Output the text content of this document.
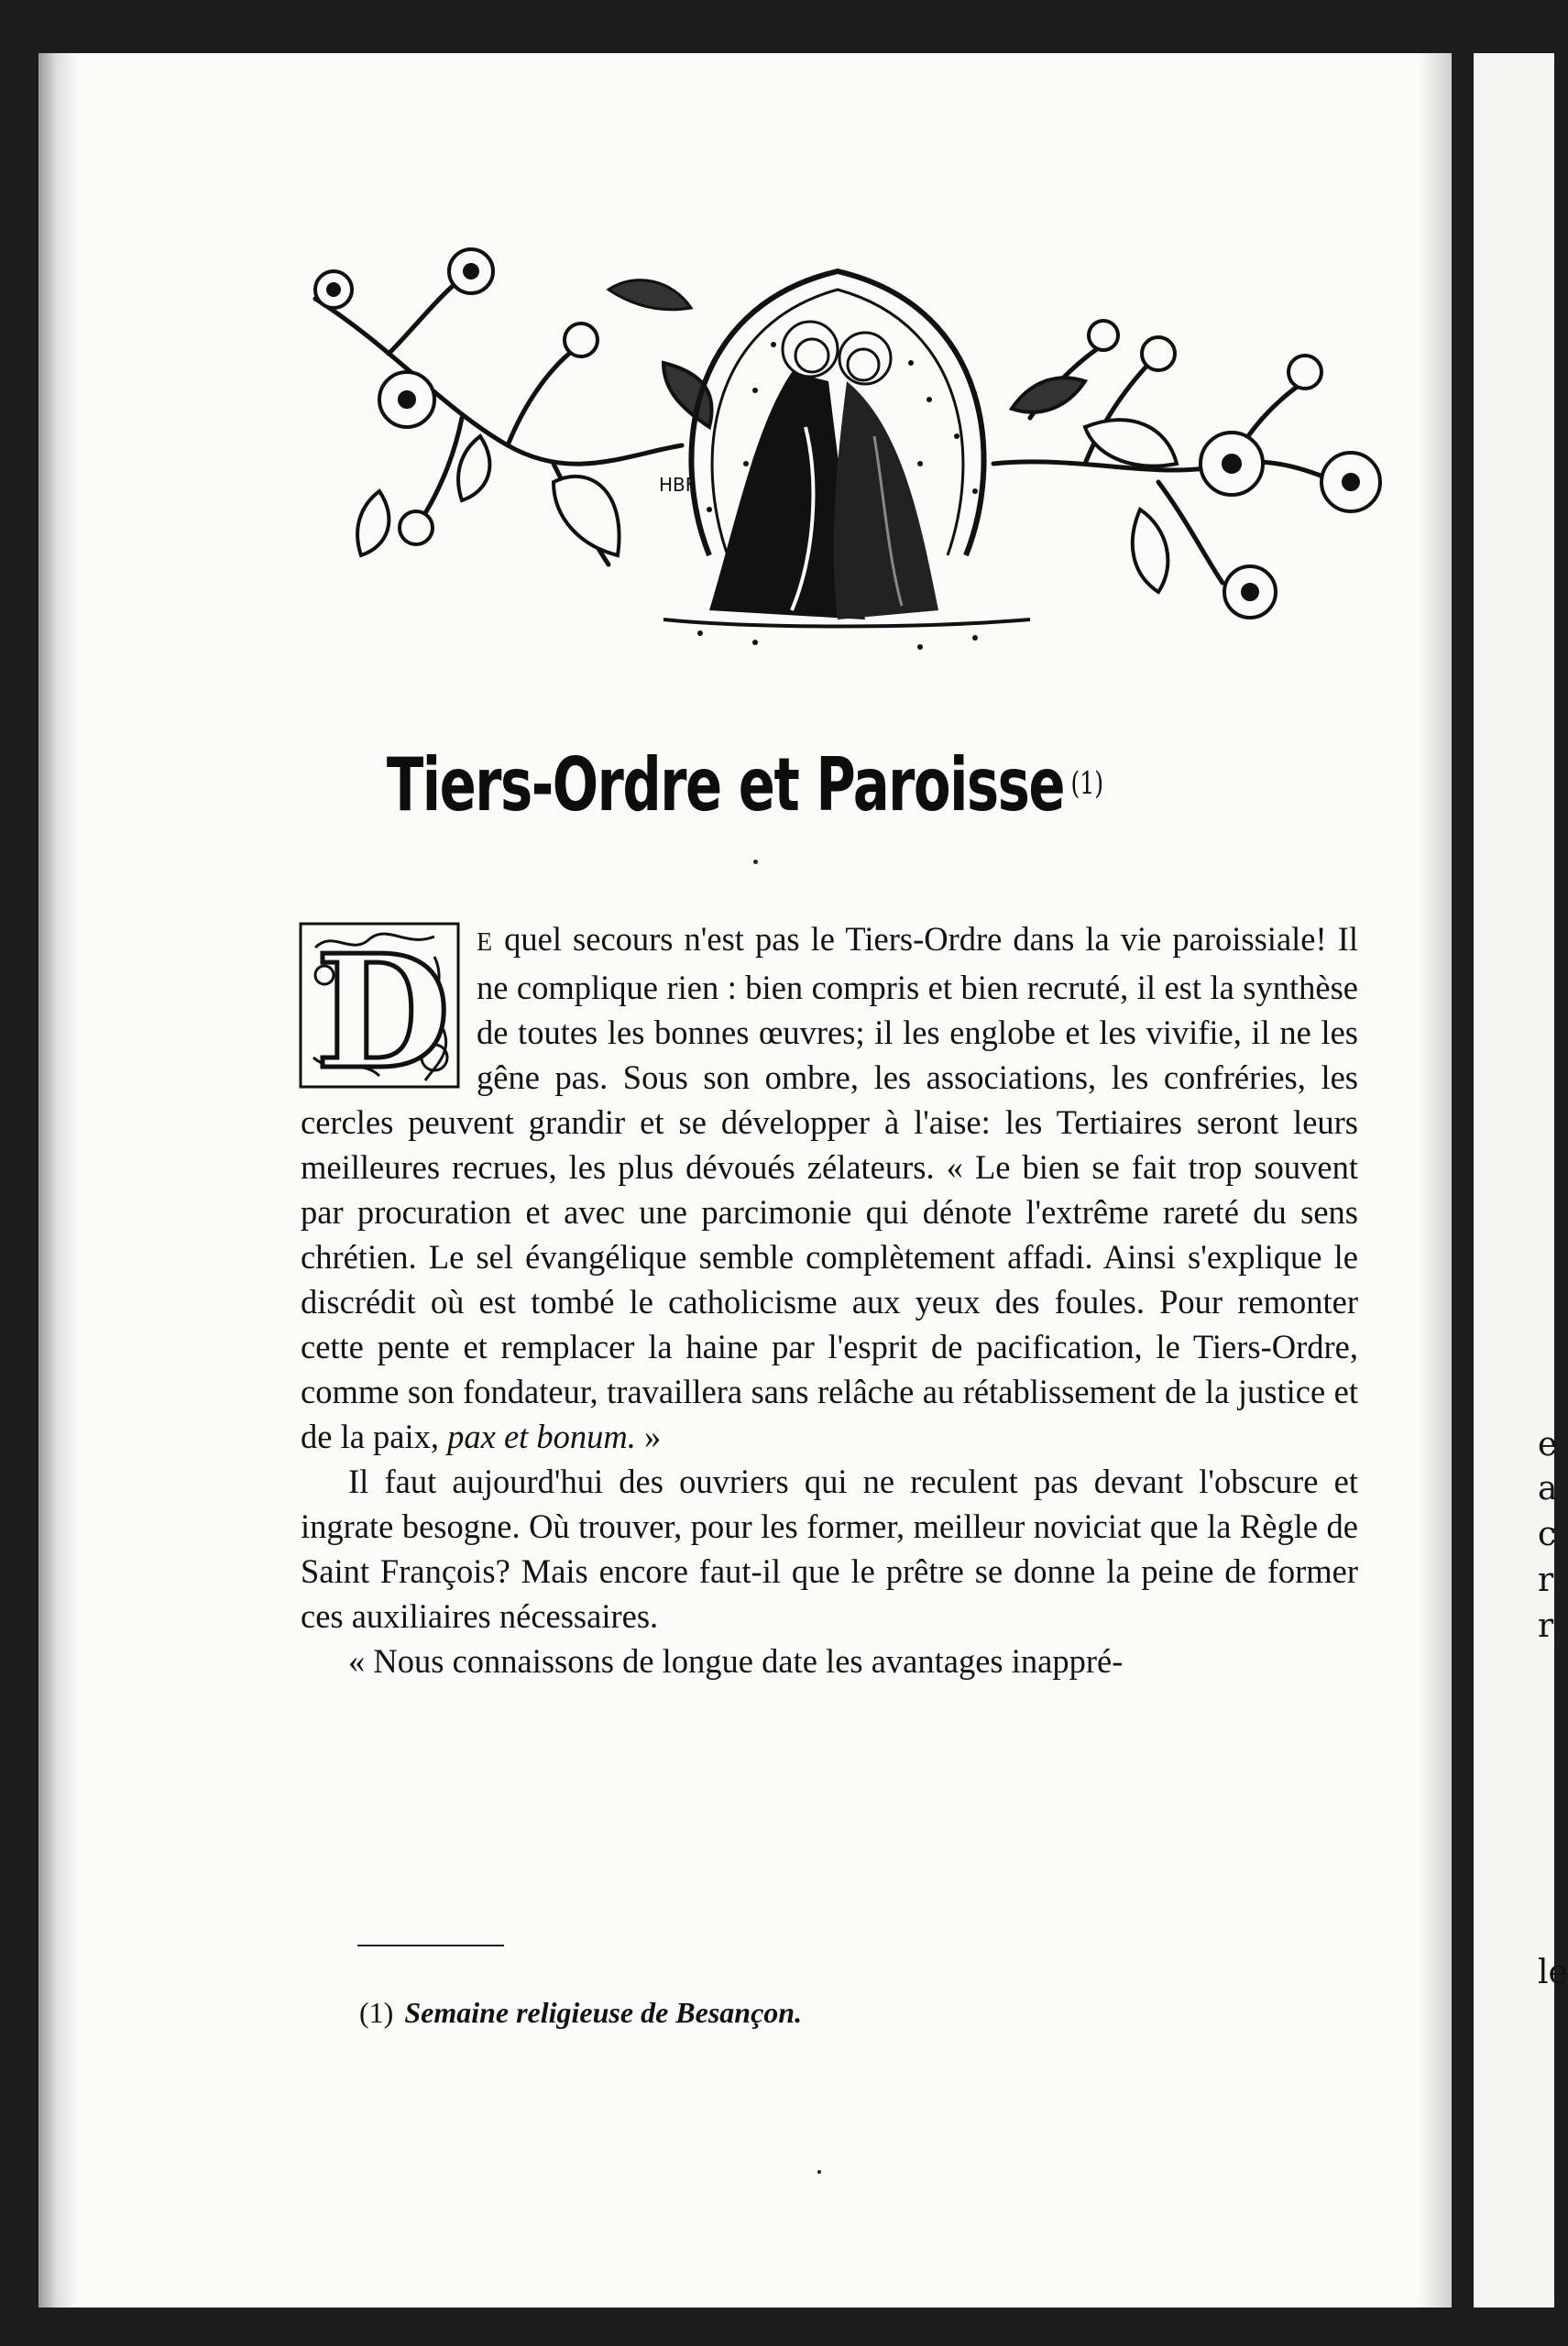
e
a
c
r
r
le
HBF
Tiers-Ordre et Paroisse $^{(1)}$

D E quel secours n'est pas le Tiers-Ordre dans la vie paroissiale! Il ne complique rien : bien compris et bien recruté, il est la synthèse de toutes les bonnes œuvres; il les englobe et les vivifie, il ne les gêne pas. Sous son ombre, les associations, les confréries, les cercles peuvent grandir et se développer à l'aise: les Tertiaires seront leurs meilleures recrues, les plus dévoués zélateurs. « Le bien se fait trop souvent par procuration et avec une parcimonie qui dénote l'extrême rareté du sens chrétien. Le sel évangélique semble complètement affadi. Ainsi s'explique le discrédit où est tombé le catholicisme aux yeux des foules. Pour remonter cette pente et remplacer la haine par l'esprit de pacification, le Tiers-Ordre, comme son fondateur, travaillera sans relâche au rétablissement de la justice et de la paix, pax et bonum. »

Il faut aujourd'hui des ouvriers qui ne reculent pas devant l'obscure et ingrate besogne. Où trouver, pour les former, meilleur noviciat que la Règle de Saint François? Mais encore faut-il que le prêtre se donne la peine de former ces auxiliaires nécessaires.

« Nous connaissons de longue date les avantages inappré-

(1) Semaine religieuse de Besançon.
